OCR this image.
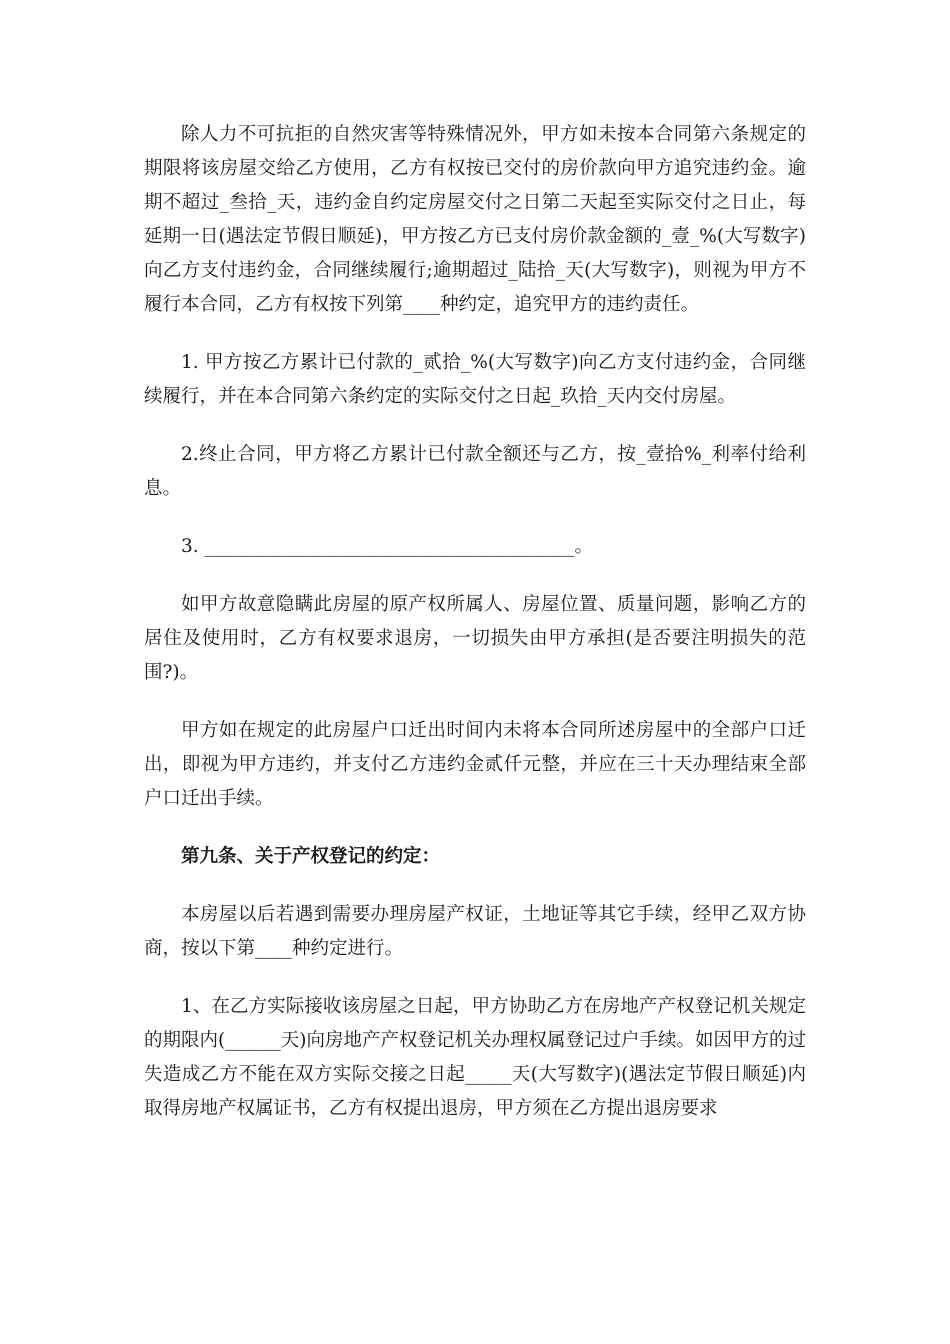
除人力不可抗拒的自然灾害等特殊情况外，甲方如未按本合同第六条规定的期限将该房屋交给乙方使用，乙方有权按已交付的房价款向甲方追究违约金。逾期不超过_叁拾_天，违约金自约定房屋交付之日第二天起至实际交付之日止，每延期一日(遇法定节假日顺延)，甲方按乙方已支付房价款金额的_壹_%(大写数字)向乙方支付违约金，合同继续履行;逾期超过_陆拾_天(大写数字)，则视为甲方不履行本合同，乙方有权按下列第____种约定，追究甲方的违约责任。

1. 甲方按乙方累计已付款的_贰拾_%(大写数字)向乙方支付违约金，合同继续履行，并在本合同第六条约定的实际交付之日起_玖拾_天内交付房屋。

2.终止合同，甲方将乙方累计已付款全额还与乙方，按_壹拾%_利率付给利息。

3. ________________________________________。

如甲方故意隐瞒此房屋的原产权所属人、房屋位置、质量问题，影响乙方的居住及使用时，乙方有权要求退房，一切损失由甲方承担(是否要注明损失的范围?)。

甲方如在规定的此房屋户口迁出时间内未将本合同所述房屋中的全部户口迁出，即视为甲方违约，并支付乙方违约金贰仟元整，并应在三十天办理结束全部户口迁出手续。

第九条、关于产权登记的约定：

本房屋以后若遇到需要办理房屋产权证，土地证等其它手续，经甲乙双方协商，按以下第____种约定进行。

1、在乙方实际接收该房屋之日起，甲方协助乙方在房地产产权登记机关规定的期限内(______天)向房地产产权登记机关办理权属登记过户手续。如因甲方的过失造成乙方不能在双方实际交接之日起_____天(大写数字)(遇法定节假日顺延)内取得房地产权属证书，乙方有权提出退房，甲方须在乙方提出退房要求
